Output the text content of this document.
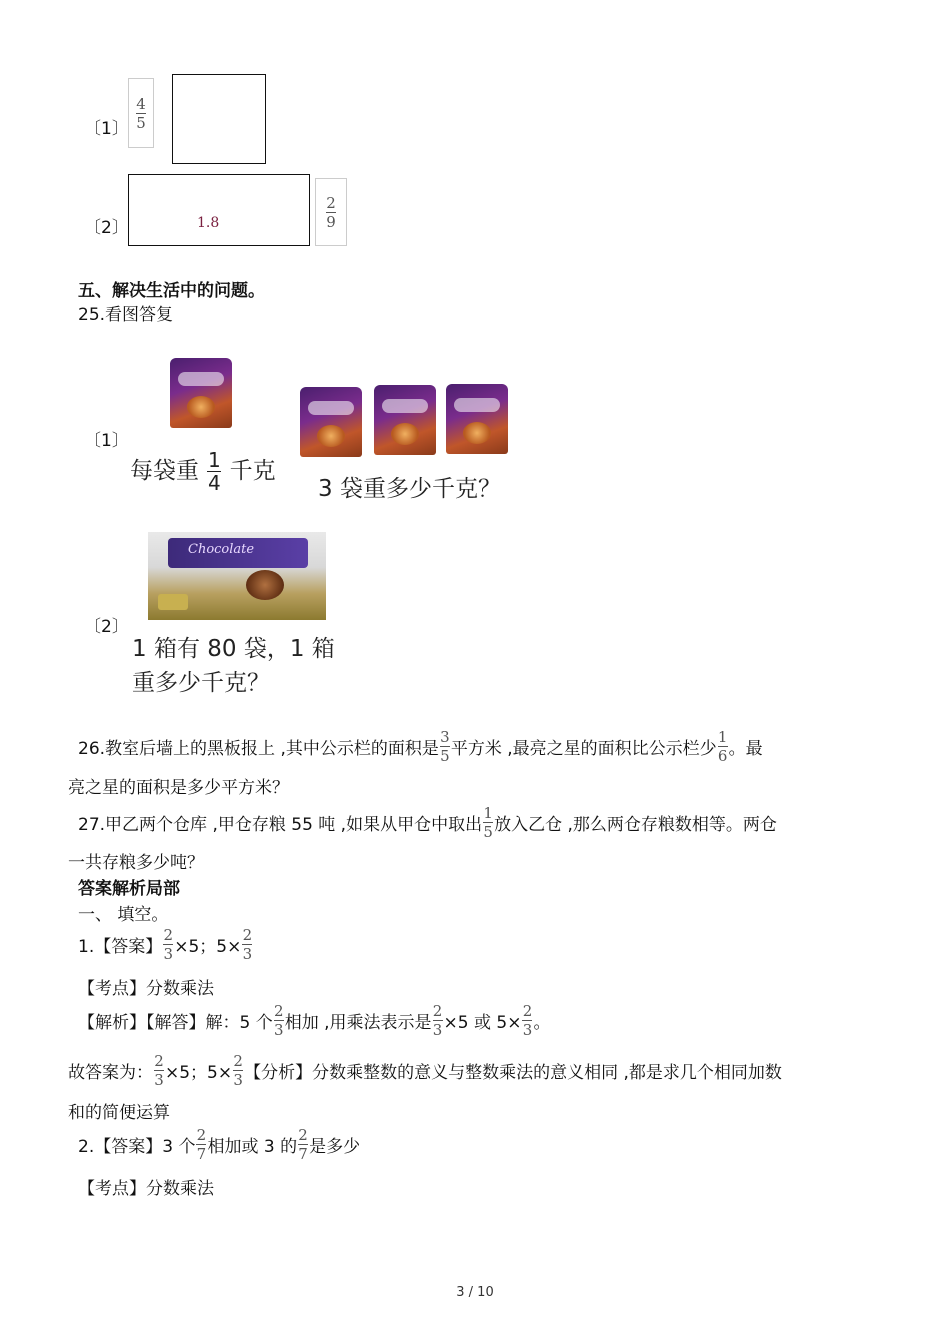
〔1〕 $\frac{4}{5}$
〔2〕	1.8	$\frac{2}{9}$
五、解决生活中的问题。
25.看图答复
〔1〕
每袋重 $\frac{1}{4}$ 千克
3 袋重多少千克？
Chocolate
〔2〕
1 箱有 80 袋，1 箱
重多少千克？
26.教室后墙上的黑板报上 ,其中公示栏的面积是 $\frac{3}{5}$ 平方米 ,最亮之星的面积比公示栏少 $\frac{1}{6}$ 。最
亮之星的面积是多少平方米？
27.甲乙两个仓库 ,甲仓存粮 55 吨 ,如果从甲仓中取出 $\frac{1}{5}$ 放入乙仓 ,那么两仓存粮数相等。两仓
一共存粮多少吨？
答案解析局部
一、 填空。
1.【答案】 $\frac{2}{3} \times 5$；$5\times \frac{2}{3}$
【考点】分数乘法
【解析】【解答】解：5 个 $\frac{2}{3}$ 相加 ,用乘法表示是 $\frac{2}{3} \times 5$ 或 $5\times \frac{2}{3}$ 。
故答案为： $\frac{2}{3} \times 5$；$5\times \frac{2}{3}$ 【分析】分数乘整数的意义与整数乘法的意义相同 ,都是求几个相同加数
和的简便运算
2.【答案】3 个 $\frac{2}{7}$ 相加或 3 的 $\frac{2}{7}$ 是多少
【考点】分数乘法
3 / 10
